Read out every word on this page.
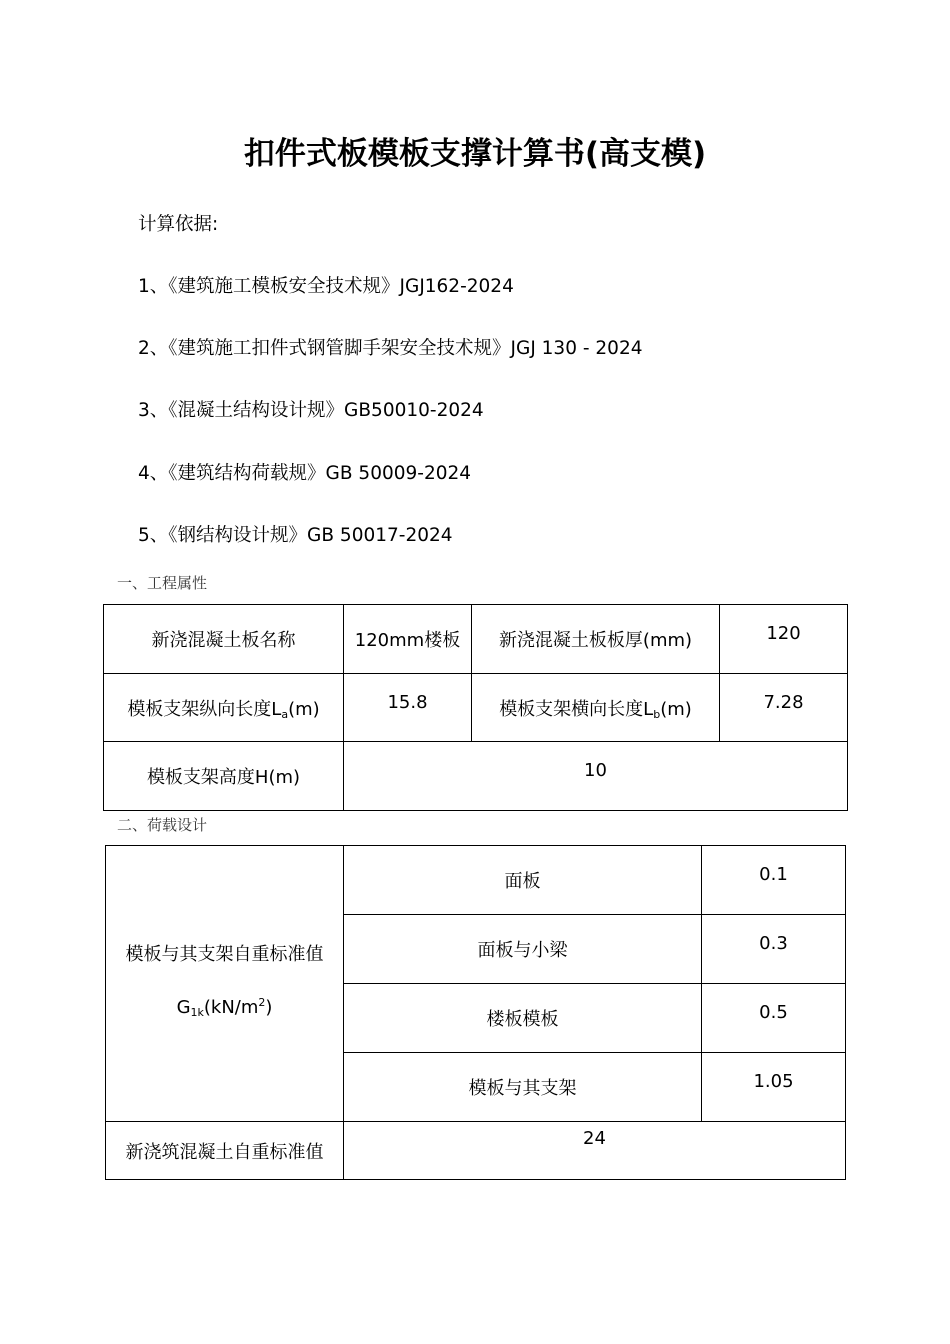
扣件式板模板支撑计算书(高支模)
计算依据:
1、《建筑施工模板安全技术规》JGJ162-2024
2、《建筑施工扣件式钢管脚手架安全技术规》JGJ 130 - 2024
3、《混凝土结构设计规》GB50010-2024
4、《建筑结构荷载规》GB 50009-2024
5、《钢结构设计规》GB 50017-2024
一、工程属性
新浇混凝土板名称	120mm楼板	新浇混凝土板板厚(mm)	120
模板支架纵向长度$L_a(m)$	15.8	模板支架横向长度$L_b(m)$	7.28
模板支架高度H(m)	10		
二、荷载设计
模板与其支架自重标准值
$G_{1k}(kN/m^2)$	面板	0.1
	面板与小梁	0.3
	楼板模板	0.5
	模板与其支架	1.05
新浇筑混凝土自重标准值	24	
